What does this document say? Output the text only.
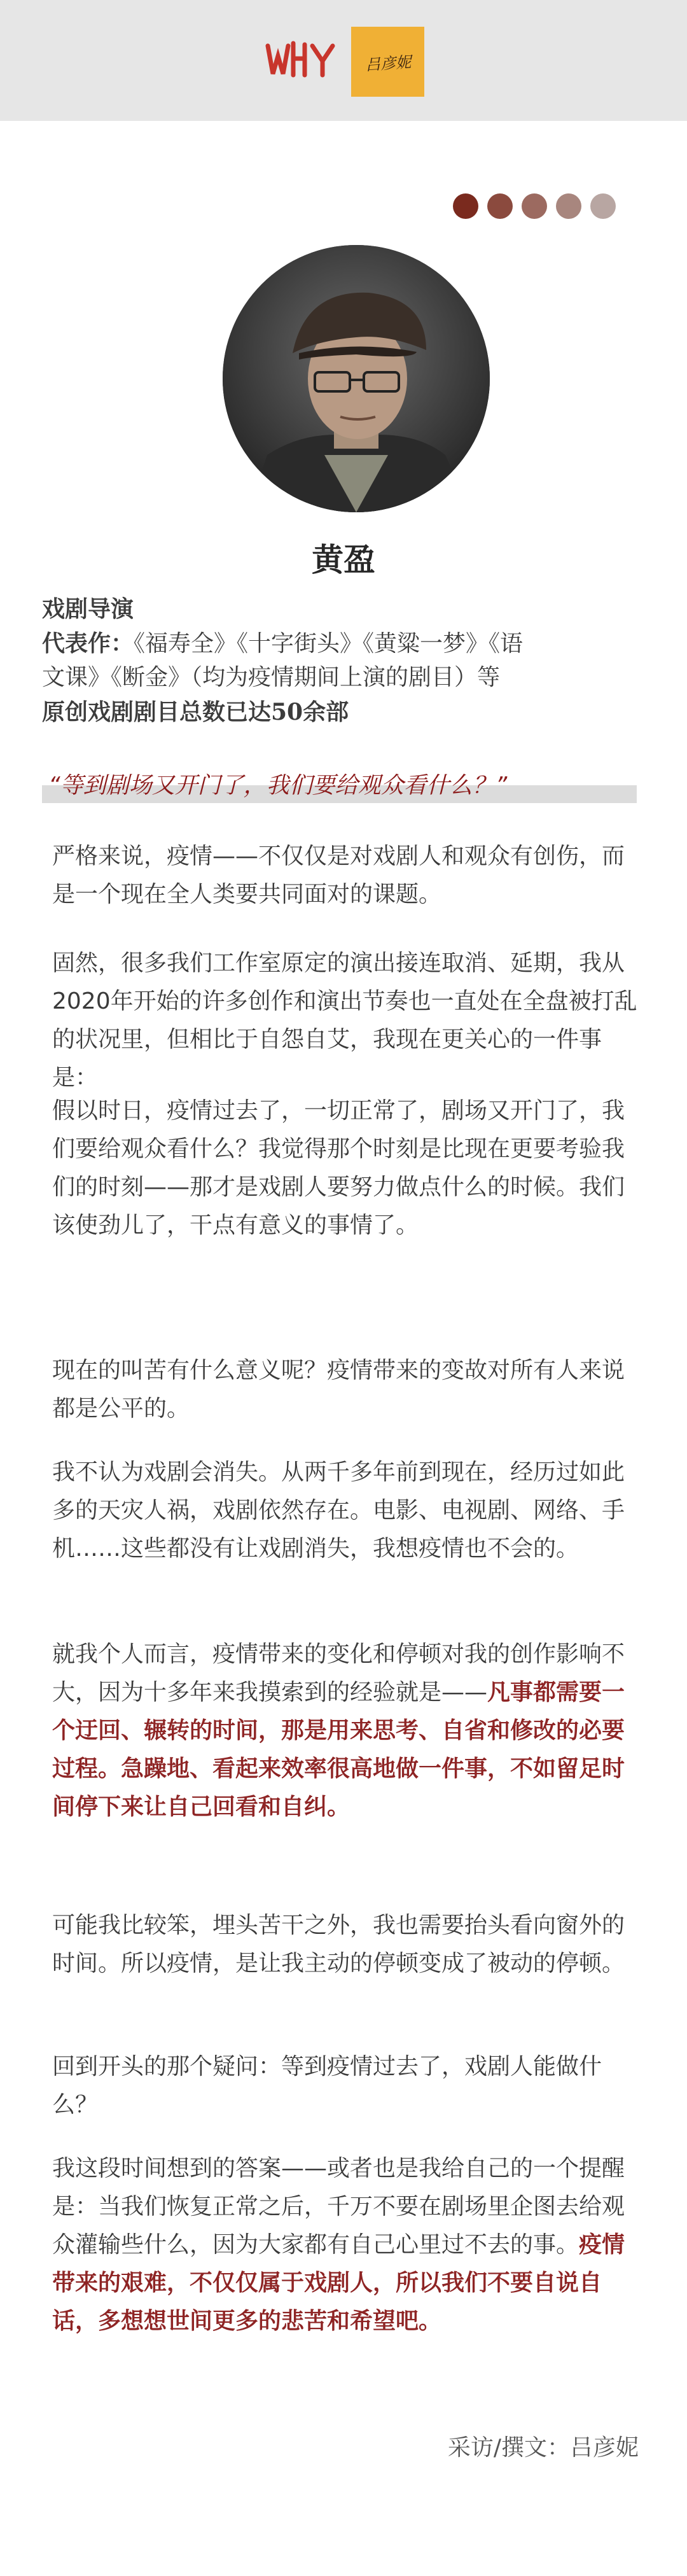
吕彦妮
黄盈
戏剧导演
代表作：《福寿全》《十字街头》《黄粱一梦》《语
文课》《断金》（均为疫情期间上演的剧目）等
原创戏剧剧目总数已达50余部
“等到剧场又开门了，我们要给观众看什么？”
严格来说，疫情——不仅仅是对戏剧人和观众有创伤，而是一个现在全人类要共同面对的课题。
固然，很多我们工作室原定的演出接连取消、延期，我从2020年开始的许多创作和演出节奏也一直处在全盘被打乱的状况里，但相比于自怨自艾，我现在更关心的一件事是：
假以时日，疫情过去了，一切正常了，剧场又开门了，我们要给观众看什么？我觉得那个时刻是比现在更要考验我们的时刻——那才是戏剧人要努力做点什么的时候。我们该使劲儿了，干点有意义的事情了。
现在的叫苦有什么意义呢？疫情带来的变故对所有人来说都是公平的。
我不认为戏剧会消失。从两千多年前到现在，经历过如此多的天灾人祸，戏剧依然存在。电影、电视剧、网络、手机……这些都没有让戏剧消失，我想疫情也不会的。
就我个人而言，疫情带来的变化和停顿对我的创作影响不大，因为十多年来我摸索到的经验就是——凡事都需要一个迂回、辗转的时间，那是用来思考、自省和修改的必要过程。急躁地、看起来效率很高地做一件事，不如留足时间停下来让自己回看和自纠。
可能我比较笨，埋头苦干之外，我也需要抬头看向窗外的时间。所以疫情，是让我主动的停顿变成了被动的停顿。
回到开头的那个疑问：等到疫情过去了，戏剧人能做什么？
我这段时间想到的答案——或者也是我给自己的一个提醒是：当我们恢复正常之后，千万不要在剧场里企图去给观众灌输些什么，因为大家都有自己心里过不去的事。疫情带来的艰难，不仅仅属于戏剧人，所以我们不要自说自话，多想想世间更多的悲苦和希望吧。
采访/撰文：吕彦妮
